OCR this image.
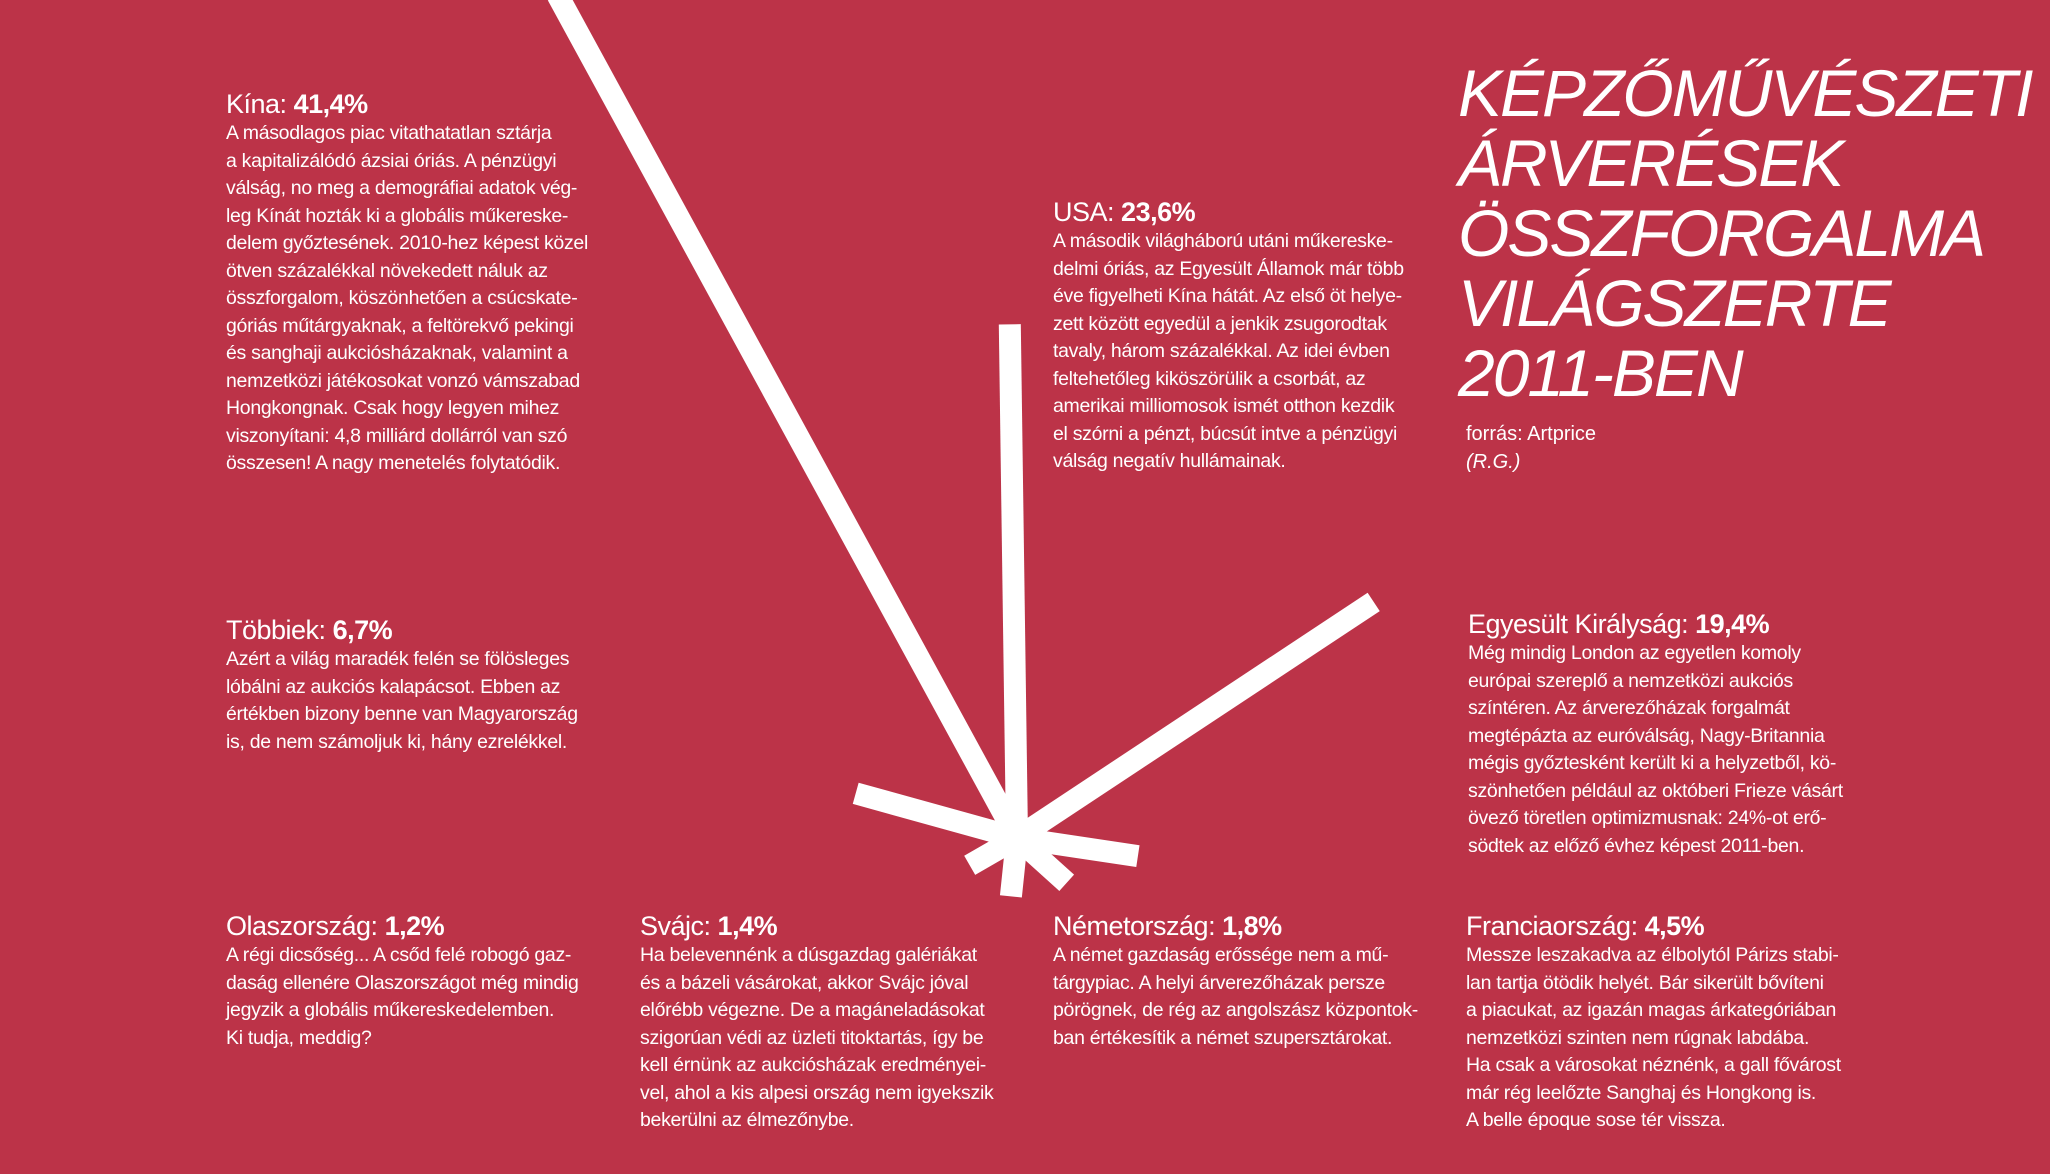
KÉPZŐMŰVÉSZETI
ÁRVERÉSEK
ÖSSZFORGALMA
VILÁGSZERTE
2011-BEN
forrás: Artprice
(R.G.)
Kína: 41,4%
A másodlagos piac vitathatatlan sztárja
a kapitalizálódó ázsiai óriás. A pénzügyi
válság, no meg a demográfiai adatok vég-
leg Kínát hozták ki a globális műkereske-
delem győztesének. 2010-hez képest közel
ötven százalékkal növekedett náluk az
összforgalom, köszönhetően a csúcskate-
góriás műtárgyaknak, a feltörekvő pekingi
és sanghaji aukciósházaknak, valamint a
nemzetközi játékosokat vonzó vámszabad
Hongkongnak. Csak hogy legyen mihez
viszonyítani: 4,8 milliárd dollárról van szó
összesen! A nagy menetelés folytatódik.
USA: 23,6%
A második világháború utáni műkereske-
delmi óriás, az Egyesült Államok már több
éve figyelheti Kína hátát. Az első öt helye-
zett között egyedül a jenkik zsugorodtak
tavaly, három százalékkal. Az idei évben
feltehetőleg kiköszörülik a csorbát, az
amerikai milliomosok ismét otthon kezdik
el szórni a pénzt, búcsút intve a pénzügyi
válság negatív hullámainak.
Többiek: 6,7%
Azért a világ maradék felén se fölösleges
lóbálni az aukciós kalapácsot. Ebben az
értékben bizony benne van Magyarország
is, de nem számoljuk ki, hány ezrelékkel.
Egyesült Királyság: 19,4%
Még mindig London az egyetlen komoly
európai szereplő a nemzetközi aukciós
színtéren. Az árverezőházak forgalmát
megtépázta az euróválság, Nagy-Britannia
mégis győztesként került ki a helyzetből, kö-
szönhetően például az októberi Frieze vásárt
övező töretlen optimizmusnak: 24%-ot erő-
södtek az előző évhez képest 2011-ben.
Olaszország: 1,2%
A régi dicsőség... A csőd felé robogó gaz-
daság ellenére Olaszországot még mindig
jegyzik a globális műkereskedelemben.
Ki tudja, meddig?
Svájc: 1,4%
Ha belevennénk a dúsgazdag galériákat
és a bázeli vásárokat, akkor Svájc jóval
előrébb végezne. De a magáneladásokat
szigorúan védi az üzleti titoktartás, így be
kell érnünk az aukciósházak eredményei-
vel, ahol a kis alpesi ország nem igyekszik
bekerülni az élmezőnybe.
Németország: 1,8%
A német gazdaság erőssége nem a mű-
tárgypiac. A helyi árverezőházak persze
pörögnek, de rég az angolszász központok-
ban értékesítik a német szupersztárokat.
Franciaország: 4,5%
Messze leszakadva az élbolytól Párizs stabi-
lan tartja ötödik helyét. Bár sikerült bővíteni
a piacukat, az igazán magas árkategóriában
nemzetközi szinten nem rúgnak labdába.
Ha csak a városokat néznénk, a gall fővárost
már rég leelőzte Sanghaj és Hongkong is.
A belle époque sose tér vissza.
